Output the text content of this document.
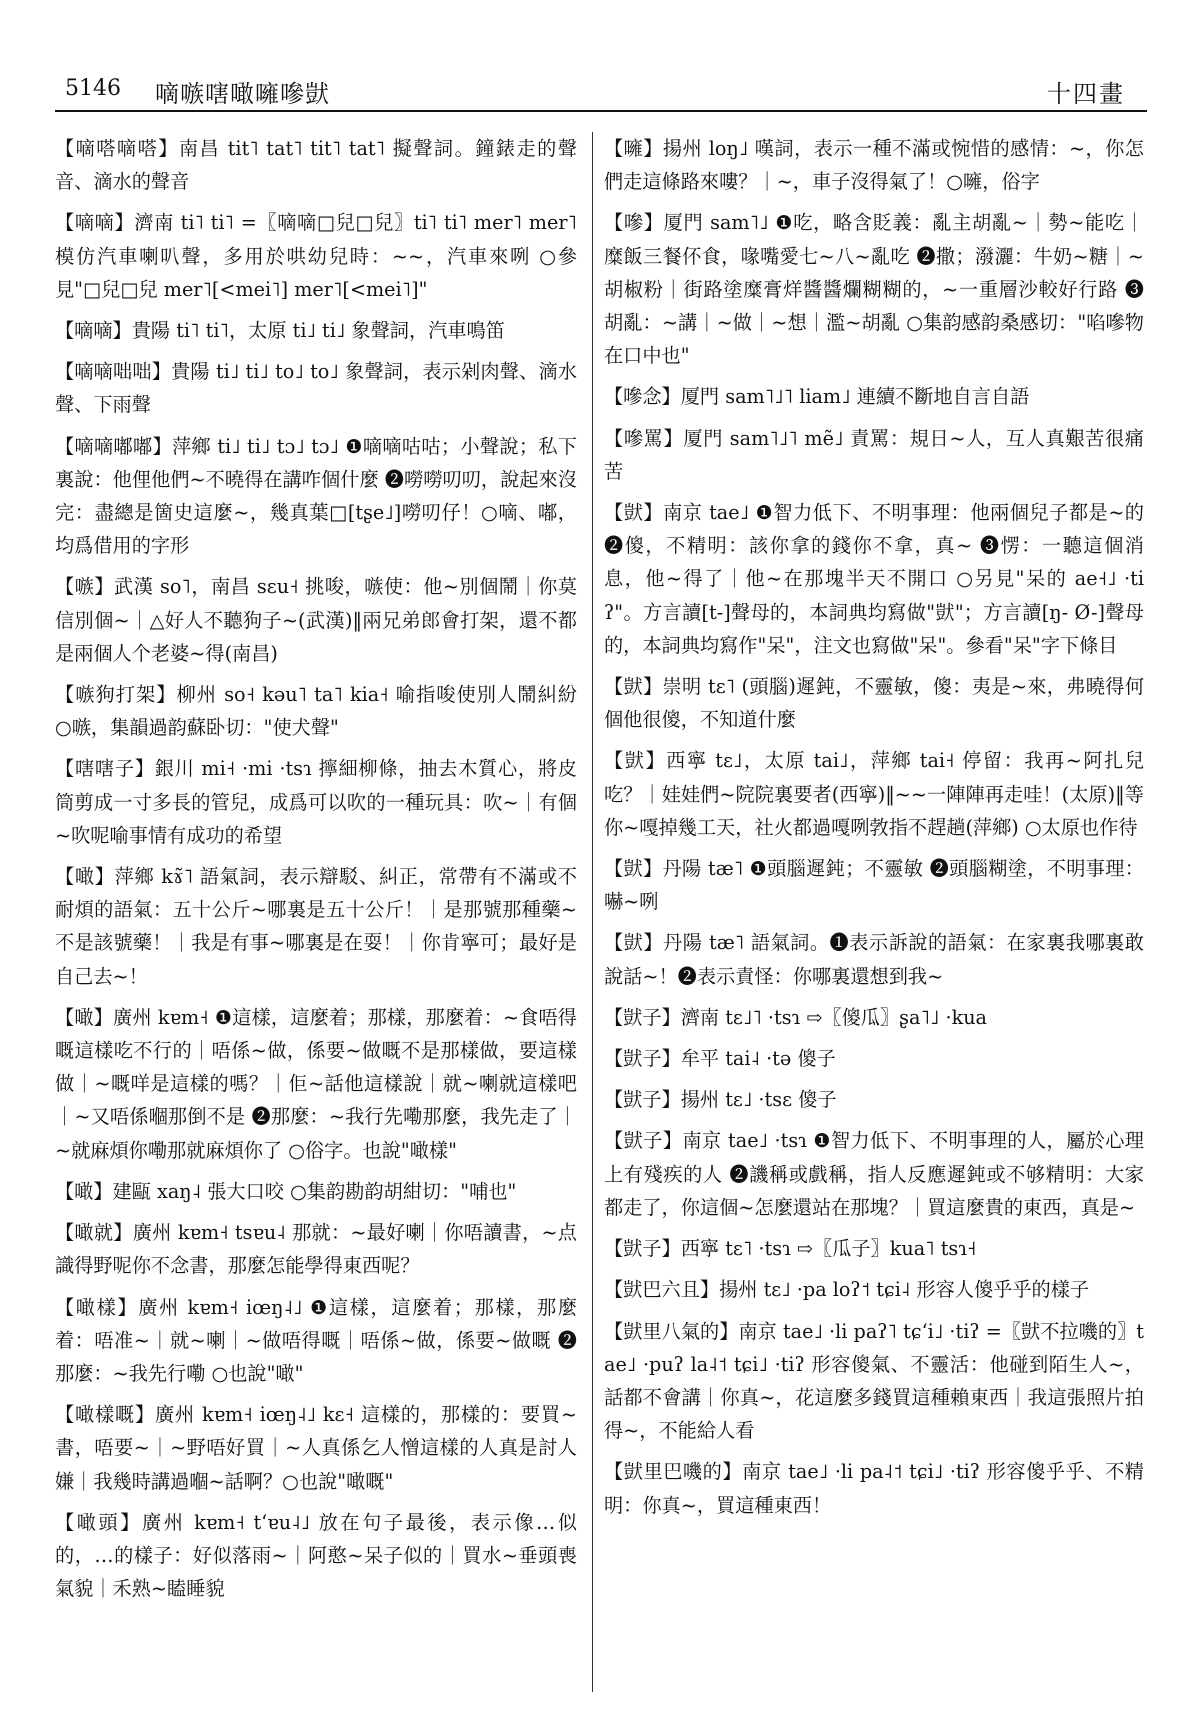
5146 嘀嗾嗐噉噰嘇獃	十四畫

【嘀嗒嘀嗒】南昌 tit˥ tat˥ tit˥ tat˥ 擬聲詞。鐘錶走的聲音、滴水的聲音

【嘀嘀】濟南 ti˥ ti˥ =〖嘀嘀□兒□兒〗ti˥ ti˥ mer˥ mer˥ 模仿汽車喇叭聲，多用於哄幼兒時：~~，汽車來咧 ○參見"□兒□兒 mer˥[<mei˥] mer˥[<mei˥]"

【嘀嘀】貴陽 ti˥ ti˥，太原 ti˩ ti˩ 象聲詞，汽車鳴笛

【嘀嘀咄咄】貴陽 ti˩ ti˩ to˩ to˩ 象聲詞，表示剁肉聲、滴水聲、下雨聲

【嘀嘀嘟嘟】萍鄉 ti˩ ti˩ tɔ˩ tɔ˩ ❶嘀嘀咕咕；小聲說；私下裏說：他俚他們~不曉得在講咋個什麼 ❷嘮嘮叨叨，說起來沒完：盡總是箇史這麼~，幾真葉□[tʂe˩]嘮叨仔！○嘀、嘟，均爲借用的字形

【嗾】武漢 so˥，南昌 sɛu˧ 挑唆，嗾使：他~別個鬧｜你莫信別個~｜△好人不聽狗子~(武漢)‖兩兄弟郎會打架，還不都是兩個人个老婆~得(南昌)

【嗾狗打架】柳州 so˧ kəu˥ ta˥ kia˧ 喻指唆使別人鬧糾紛 ○嗾，集韻過韵蘇卧切："使犬聲"

【嗐嗐子】銀川 mi˧ ·mi ·tsɿ 擰細柳條，抽去木質心，將皮筒剪成一寸多長的管兒，成爲可以吹的一種玩具：吹~｜有個~吹呢喻事情有成功的希望

【噉】萍鄉 kɤ̃˥ 語氣詞，表示辯駁、糾正，常帶有不滿或不耐煩的語氣：五十公斤~哪裏是五十公斤！｜是那號那種藥~不是該號藥！｜我是有事~哪裏是在耍！｜你肯寧可；最好是自己去~！

【噉】廣州 kɐm˧ ❶這樣，這麼着；那樣，那麼着：~食唔得嘅這樣吃不行的｜唔係~做，係要~做嘅不是那樣做，要這樣做｜~嘅咩是這樣的嗎？｜佢~話他這樣說｜就~喇就這樣吧｜~又唔係嗰那倒不是 ❷那麼：~我行先嘞那麼，我先走了｜~就麻煩你嘞那就麻煩你了 ○俗字。也說"噉樣"

【噉】建甌 xaŋ˨ 張大口咬 ○集韵勘韵胡紺切："哺也"

【噉就】廣州 kɐm˧ tsɐu˨ 那就：~最好喇｜你唔讀書，~点識得野呢你不念書，那麼怎能學得東西呢？

【噉樣】廣州 kɐm˧ iœŋ˨˩ ❶這樣，這麼着；那樣，那麼着：唔准~｜就~喇｜~做唔得嘅｜唔係~做，係要~做嘅 ❷那麼：~我先行嘞 ○也說"噉"

【噉樣嘅】廣州 kɐm˧ iœŋ˨˩ kɛ˧ 這樣的，那樣的：要買~書，唔要~｜~野唔好買｜~人真係乞人憎這樣的人真是討人嫌｜我幾時講過嗰~話啊？○也說"噉嘅"

【噉頭】廣州 kɐm˧ tʻɐu˨˩ 放在句子最後，表示像…似的，…的樣子：好似落雨~｜阿憨~呆子似的｜買水~垂頭喪氣貌｜禾熟~瞌睡貌

【噰】揚州 loŋ˩ 嘆詞，表示一種不滿或惋惜的感情：~，你怎們走這條路來嘍？｜~，車子沒得氣了！○噰，俗字

【嘇】厦門 sam˥˩ ❶吃，略含貶義：亂主胡亂~｜勢~能吃｜糜飯三餐伓食，喙嘴愛七~八~亂吃 ❷撒；潑灑：牛奶~糖｜~胡椒粉｜街路塗糜膏烊醬醬爛糊糊的，~一重層沙較好行路 ❸胡亂：~講｜~做｜~想｜濫~胡亂 ○集韵感韵桑感切："啗嘇物在口中也"

【嘇念】厦門 sam˥˩˥ liam˩ 連續不斷地自言自語

【嘇罵】厦門 sam˥˩˥ mẽ˩ 責罵：規日~人，互人真艱苦很痛苦

【獃】南京 tae˩ ❶智力低下、不明事理：他兩個兒子都是~的 ❷傻，不精明：該你拿的錢你不拿，真~ ❸愣：一聽這個消息，他~得了｜他~在那塊半天不開口 ○另見"呆的 ae˧˩ ·tiʔ"。方言讀[t-]聲母的，本詞典均寫做"獃"；方言讀[ŋ- Ø-]聲母的，本詞典均寫作"呆"，注文也寫做"呆"。參看"呆"字下條目

【獃】崇明 tɛ˥ (頭腦)遲鈍，不靈敏，傻：夷是~來，弗曉得何個他很傻，不知道什麼

【獃】西寧 tɛ˩，太原 tai˩，萍鄉 tai˧ 停留：我再~阿扎兒吃？｜娃娃們~院院裏要者(西寧)‖~~一陣陣再走哇！(太原)‖等你~嘎掉幾工天，社火都過嘎咧㪍指不趕趟(萍鄉) ○太原也作待

【獃】丹陽 tæ˥ ❶頭腦遲鈍；不靈敏 ❷頭腦糊塗，不明事理：嚇~咧

【獃】丹陽 tæ˥ 語氣詞。❶表示訴說的語氣：在家裏我哪裏敢說話~！❷表示責怪：你哪裏還想到我~

【獃子】濟南 tɛ˩˥ ·tsɿ ⇨〖傻瓜〗ʂa˥˩ ·kua

【獃子】牟平 tai˨ ·tə 傻子

【獃子】揚州 tɛ˩ ·tsɛ 傻子

【獃子】南京 tae˩ ·tsɿ ❶智力低下、不明事理的人，屬於心理上有殘疾的人 ❷譏稱或戲稱，指人反應遲鈍或不够精明：大家都走了，你這個~怎麼還站在那塊？｜買這麼貴的東西，真是~

【獃子】西寧 tɛ˥ ·tsɿ ⇨〖瓜子〗kua˥ tsɿ˧

【獃巴六且】揚州 tɛ˩ ·pa loʔ˦ tɕi˨ 形容人傻乎乎的樣子

【獃里八氣的】南京 tae˩ ·li paʔ˥ tɕʻi˩ ·tiʔ =〖獃不拉嘰的〗tae˩ ·puʔ la˨˦ tɕi˩ ·tiʔ 形容傻氣、不靈活：他碰到陌生人~，話都不會講｜你真~，花這麼多錢買這種賴東西｜我這張照片拍得~，不能給人看

【獃里巴嘰的】南京 tae˩ ·li pa˨˦ tɕi˩ ·tiʔ 形容傻乎乎、不精明：你真~，買這種東西！
